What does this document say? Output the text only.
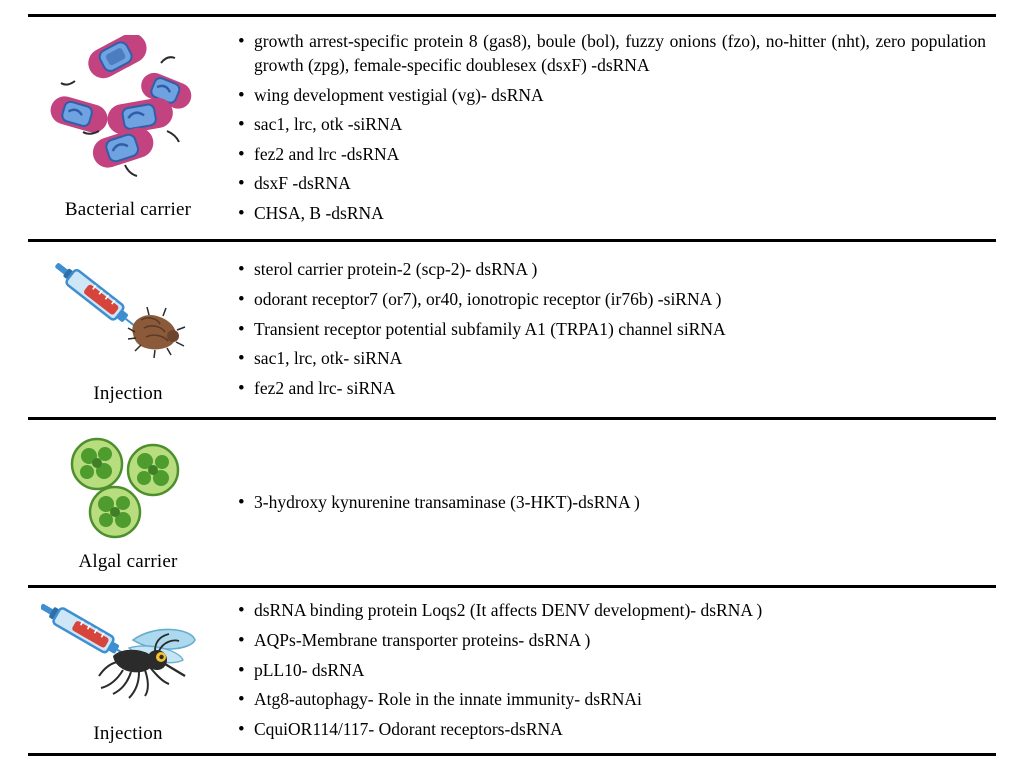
Bacterial carrier
• growth arrest-specific protein 8 (gas8), boule (bol), fuzzy onions (fzo), no-hitter (nht), zero population growth (zpg), female-specific doublesex (dsxF) -dsRNA
• wing development vestigial (vg)- dsRNA
• sac1, lrc, otk -siRNA
• fez2 and lrc -dsRNA
• dsxF -dsRNA
• CHSA, B -dsRNA
Injection
• sterol carrier protein-2 (scp-2)- dsRNA )
• odorant receptor7 (or7), or40, ionotropic receptor (ir76b) -siRNA )
• Transient receptor potential subfamily A1 (TRPA1) channel siRNA
• sac1, lrc, otk- siRNA
• fez2 and lrc- siRNA
Algal carrier
• 3-hydroxy kynurenine transaminase (3-HKT)-dsRNA )
Injection
• dsRNA binding protein Loqs2 (It affects DENV development)- dsRNA )
• AQPs-Membrane transporter proteins- dsRNA )
• pLL10- dsRNA
• Atg8-autophagy- Role in the innate immunity- dsRNAi
• CquiOR114/117- Odorant receptors-dsRNA
